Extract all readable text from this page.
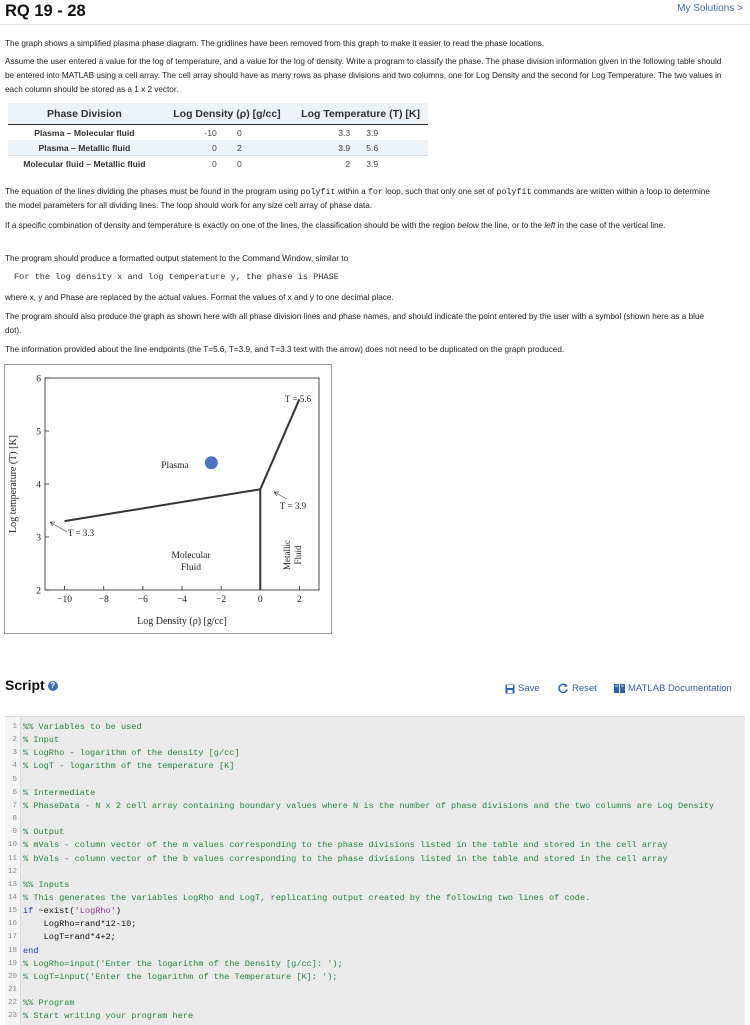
RQ 19 - 28	My Solutions >
The graph shows a simplified plasma phase diagram. The gridlines have been removed from this graph to make it easier to read the phase locations.
Assume the user entered a value for the log of temperature, and a value for the log of density. Write a program to classify the phase. The phase division information given in the following table should be entered into MATLAB using a cell array. The cell array should have as many rows as phase divisions and two columns, one for Log Density and the second for Log Temperature. The two values in each column should be stored as a 1 x 2 vector.
Phase Division	Log Density (ρ) [g/cc]	Log Temperature (T) [K]
Plasma – Molecular fluid	-10 0	3.3 3.9
Plasma – Metallic fluid	0 2	3.9 5.6
Molecular fluid – Metallic fluid	0 0	2 3.9
The equation of the lines dividing the phases must be found in the program using polyfit within a for loop, such that only one set of polyfit commands are written within a loop to determine the model parameters for all dividing lines. The loop should work for any size cell array of phase data.
If a specific combination of density and temperature is exactly on one of the lines, the classification should be with the region below the line, or to the left in the case of the vertical line.
The program should produce a formatted output statement to the Command Window, similar to
For the log density x and log temperature y, the phase is PHASE
where x, y and Phase are replaced by the actual values. Format the values of x and y to one decimal place.
The program should also produce the graph as shown here with all phase division lines and phase names, and should indicate the point entered by the user with a symbol (shown here as a blue dot).
The information provided about the line endpoints (the T=5.6, T=3.9, and T=3.3 text with the arrow) does not need to be duplicated on the graph produced.
2
3
4
5
6
−10	−8	−6	−4	−2	0	2
Log temperature (T) [K]
Log Density (ρ) [g/cc]
Plasma
Molecular
Fluid	Metallic Fluid
T = 5.6
T = 3.9
T = 3.3
Script ?	Save	Reset	MATLAB Documentation
1 %% Variables to be used
2 % Input
3 % LogRho - logarithm of the density [g/cc]
4 % LogT - logarithm of the temperature [K]
5
6 % Intermediate
7 % PhaseData - N x 2 cell array containing boundary values where N is the number of phase divisions and the two columns are Log Density
8
9 % Output
10 % mVals - column vector of the m values corresponding to the phase divisions listed in the table and stored in the cell array
11 % bVals - column vector of the b values corresponding to the phase divisions listed in the table and stored in the cell array
12
13 %% Inputs
14 % This generates the variables LogRho and LogT, replicating output created by the following two lines of code.
15 if ~exist('LogRho')
16 LogRho=rand*12-10;
17 LogT=rand*4+2;
18 end
19 % LogRho=input('Enter the logarithm of the Density [g/cc]: ');
20 % LogT=input('Enter the logarithm of the Temperature [K]: ');
21
22 %% Program
23 % Start writing your program here
